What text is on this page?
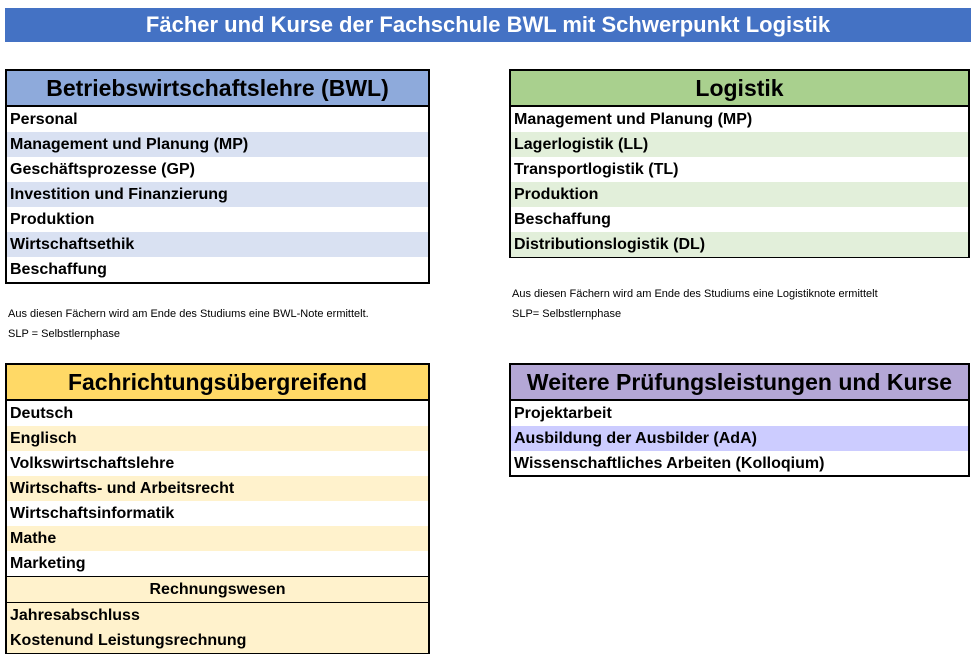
Fächer und Kurse der Fachschule BWL mit Schwerpunkt Logistik
Betriebswirtschaftslehre (BWL)
Personal
Management und Planung (MP)
Geschäftsprozesse (GP)
Investition und Finanzierung
Produktion
Wirtschaftsethik
Beschaffung
Aus diesen Fächern wird am Ende des Studiums eine BWL-Note ermittelt.
SLP = Selbstlernphase
Logistik
Management und Planung (MP)
Lagerlogistik (LL)
Transportlogistik (TL)
Produktion
Beschaffung
Distributionslogistik (DL)
Aus diesen Fächern wird am Ende des Studiums eine Logistiknote ermittelt
SLP= Selbstlernphase
Fachrichtungsübergreifend
Deutsch
Englisch
Volkswirtschaftslehre
Wirtschafts- und Arbeitsrecht
Wirtschaftsinformatik
Mathe
Marketing
Rechnungswesen
Jahresabschluss
Kostenund Leistungsrechnung
Weitere Prüfungsleistungen und Kurse
Projektarbeit
Ausbildung der Ausbilder (AdA)
Wissenschaftliches Arbeiten (Kolloqium)
